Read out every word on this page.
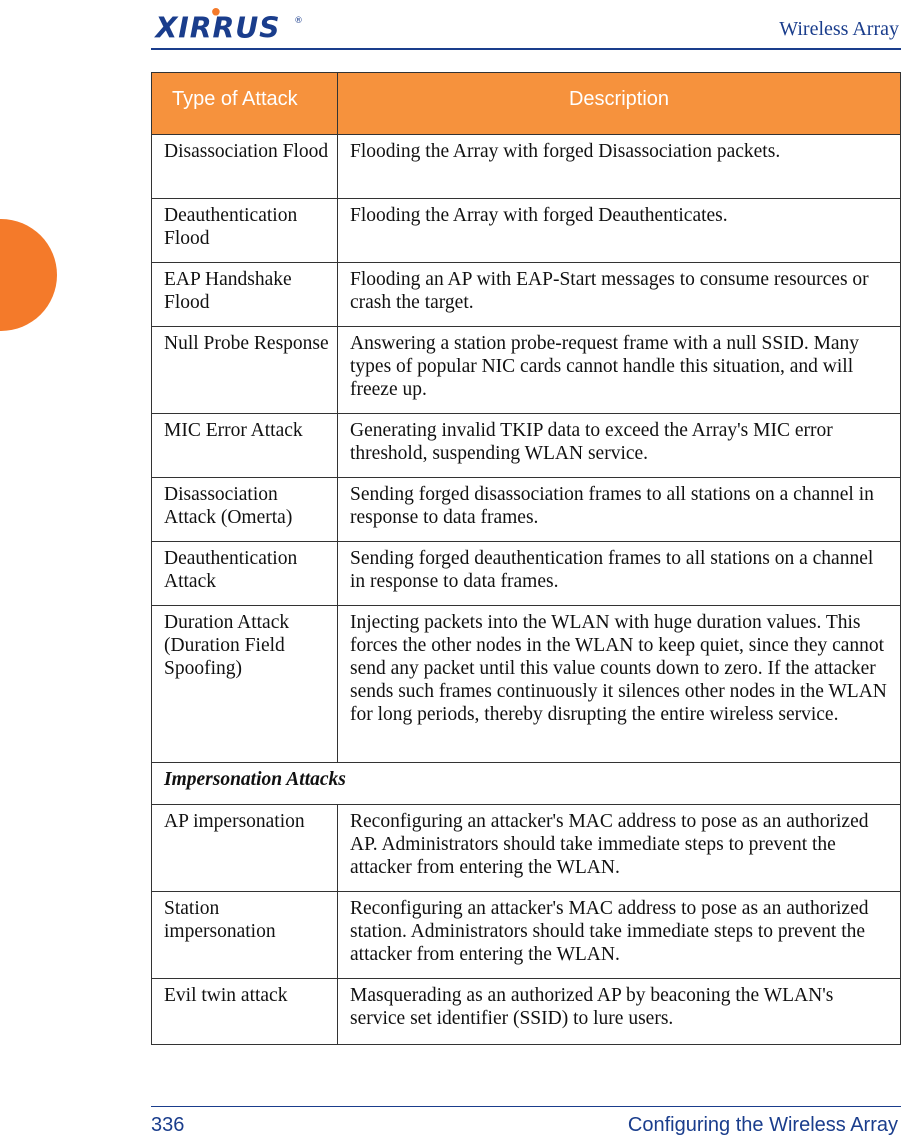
XIRRUS ®	Wireless Array
Type of Attack	Description
Disassociation Flood	Flooding the Array with forged Disassociation packets.
Deauthentication Flood	Flooding the Array with forged Deauthenticates.
EAP Handshake Flood	Flooding an AP with EAP-Start messages to consume resources or crash the target.
Null Probe Response	Answering a station probe-request frame with a null SSID. Many types of popular NIC cards cannot handle this situation, and will freeze up.
MIC Error Attack	Generating invalid TKIP data to exceed the Array's MIC error threshold, suspending WLAN service.
Disassociation Attack (Omerta)	Sending forged disassociation frames to all stations on a channel in response to data frames.
Deauthentication Attack	Sending forged deauthentication frames to all stations on a channel in response to data frames.
Duration Attack (Duration Field Spoofing)	Injecting packets into the WLAN with huge duration values. This forces the other nodes in the WLAN to keep quiet, since they cannot send any packet until this value counts down to zero. If the attacker sends such frames continuously it silences other nodes in the WLAN for long periods, thereby disrupting the entire wireless service.
Impersonation Attacks	
AP impersonation	Reconfiguring an attacker's MAC address to pose as an authorized AP. Administrators should take immediate steps to prevent the attacker from entering the WLAN.
Station impersonation	Reconfiguring an attacker's MAC address to pose as an authorized station. Administrators should take immediate steps to prevent the attacker from entering the WLAN.
Evil twin attack	Masquerading as an authorized AP by beaconing the WLAN's service set identifier (SSID) to lure users.
336	Configuring the Wireless Array
